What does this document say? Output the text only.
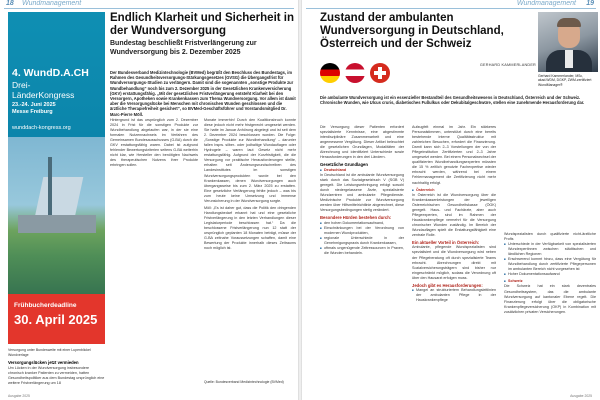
18 Wundmanagement
4. WundD.A.CH
Drei-
LänderKongress
23.-24. Juni 2025
Messe Freiburg
wunddach-kongress.org
Frühbucherdeadline
30. April 2025
Versorgung unter Bundesweite mit einer Lupenblickel Wundverlage
Versorgungslücken jetzt vermieden
Um Lücken in der Wundversorgung insbesondere chronisch kranker Patienten zu vermeiden, hatten Gesundheitspolitiker aus dem Bundestag ursprünglich eine weitere Fristverlängerung um 18
Endlich Klarheit und Sicherheit in der Wundversorgung
Bundestag beschließt Fristverlängerung zur Wundversorgung bis 2. Dezember 2025

Der Bundesverband Medizintechnologie (BVMed) begrüßt den Beschluss des Bundestags, im Rahmen des Gesundheitsversorgungs-Stärkungsgesetzes (GVSG) die Übergangsfrist für Wundversorgungs-Studien zu verlängern. Damit sind die sogenannten „sonstige Produkte zur Wundbehandlung“ noch bis zum 2. Dezember 2025 in der Gesetzlichen Krankenversicherung (GKV) erstattungsfähig. „Mit der gesetzlichen Fristverlängerung entsteht Klarheit bei den Versorgern, Apotheken sowie Krankenkassen zum Thema Wundversorgung. Vor allem ist damit aber die Versorgungslücke bei Menschen mit chronischen Wunden geschlossen und die ärztliche Therapiefreiheit gesichert“, so BVMed-Geschäftsführer und Vorstandsmitglied Dr. Marc-Pierre Möll.

Hintergrund ist das ursprünglich zum 2. Dezember 2024 in Frist für die sonstigen Produkte zur Wundbehandlung abgelaufen war, in der sie eine formalen Nutzennachweis im Verfahren des Gemeinsamen Bundesausschusses (G-BA) durch die GKV erstattungsfähig waren. Dabei ist aufgrund fehlender Bewertungskriterien seitens G-BA weiterhin nicht klar, wie Hersteller den benötigten Nachweis des therapeutischen Nutzens ihrer Produkte erbringen sollen.
Monate immerhin! Durch den Koalitionsbruch konnte diese jedoch nicht mehr fristgerecht umgesetzt werden. Sie hatte im Januar Anhörung abgelegt und ist seit dem 2. Dezember 2024 beschlossen worden. Die Folge: „Sonstige Produkte zur Wundbehandlung“ – darunter fallen bspw. silber- oder jodhaltige Wundauflagen oder Hydrogele – waren laut Gesetz nicht mehr erstattungsfähig. Aufgrund der Kurzfristigkeit, die die Versorgung vor praktische Herausforderungen stellte, erhalten seit Änderungsrundschreiben des Landesinstitutes im sonstigen Wundversorgungsprodukten wurde bei den Krankenkassen, denen Wundversorgungen auch übergangsweise bis zum 2. März 2025 zu erstatten. Eine gesetzliche Verlängerung fehlte jedoch – was bis zum heute keine Umsetzung und immense Verunsicherung in der Wundversorgung sorgte.
Möll: „Es ist daher gut, dass die Politik den dringenden Handlungsbedarf erkannt hat und eine gesetzliche Fristverlängerung in den letzten Verhandlungen dieser Legislaturperiode beschlossen hat.“ Da die beschlossene Fristverlängerung nun 12 statt der ursprünglich geplanten 18 Monaten beträgt, müsse der G-BA zeitnahe Voraussetzungen schaffen, damit eine Bewertung der Produkte innerhalb dieses Zeitraums noch möglich ist.
Quelle: Bundesverband Medizintechnologie (BVMed)
Ausgabe 2025
Wundmanagement 19
Zustand der ambulanten Wundversorgung in Deutschland, Österreich und der Schweiz
Gerhard Kammerlander, MSc, akad.WDM, DGKP, ZWM-zertifiziert WundManager®
GERHARD KAMMERLANDER

Die ambulante Wundversorgung ist ein essenzieller Bestandteil des Gesundheitswesens in Deutschland, Österreich und der Schweiz. Chronische Wunden, wie Ulcus cruris, diabetisches Fußulkus oder Dekubitalgeschwüre, stellen eine zunehmende Herausforderung dar.

Die Versorgung dieser Patienten erfordert spezialisierte Kenntnisse, eine abgestimmte interdisziplinäre Zusammenarbeit und eine angemessene Vergütung. Dieser Artikel beleuchtet die gesetzlichen Grundlagen, Modalitäten der Abrechnung und identifiziert Unterschiede sowie Herausforderungen in den drei Ländern.
Gesetzliche Grundlagen
■ Deutschland
In Deutschland ist die ambulante Wundversorgung stark durch das Sozialgesetzbuch V (SGB V) geregelt. Die Leistungserbringung erfolgt sowohl durch niedergelassene Ärzte, spezialisierte Wundzentren und ambulante Pflegedienste. Medizinische Produkte zur Wundversorgung werden über Hilfsmittelrichtlinie abgerechnet, diese Versorgungsbedingungen stetig verändert.
Besondere Hürden bestehen durch:
■ den hohen Dokumentationsaufwand,
■ Einschränkungen bei der Verordnung von modernen Wundprodukten,
■ regionale Unterschiede in der Genehmigungspraxis durch Krankenkassen,
■ oftmals ungenügende Zeitressourcen in Praxen, die Wunden behandeln.
Aufzugfelt einmal im Jahr. Ein stärkeres Personalstimmen, unterstützt durch eine bereits bestehende interne Qualitätsstruktur mit zahlreichen Besuchen, erfordert die Finanzierung. Damit kann sich 2–3 Vorstellungen der von der Pflegeinstitution Zertifizierten und 2–3 Jahre umgesetzt werden. Bei einem Personalwechsel der qualifizierten Wundbehandlungsexperten müssten die 15 % zeitlich genutzte Fachexpertise wieder erbracht werden, während bei einem Fehlermanagement die Zertifizierung nicht mehr nachhaltig erfolgt.
■ Österreich
In Österreich ist die Wundversorgung über die Krankenkassenleistungen der jeweiligen Österreichischen Gesundheitskasse (ÖGK) geregelt. Haus- und Fachärzte, aber auch Pflegeexperten, sind im Rahmen der Hauskrankenpflege vermehrt für die Versorgung chronischer Wunden zuständig. Im Bereich der Wundauflagen spielt die Erstattungsfähigkeit eine zentrale Rolle.
Ein aktueller Vorteil in Österreich:
Ambulante, pflegende Wundspezialisten sind spezialisiert und die Wundversorgung wird neben der Pflegeberatung oft durch spezialisierte Teams erbracht. Abrechnungen direkt mit Sozialversicherungsträgern sind bisher nur eingeschränkt möglich, sodass die Verordnung oft über den Hausarzt erfolgen muss.
Jedoch gibt es Herausforderungen:
■ Mangel an strukturiertem Behandlungsleitlinien der ambulanten Pflege in der Hauskrankenpflege
Wundspezialisten durch qualifizierte nicht-ärztliche Profis
■ Unterschiede in der Verfügbarkeit von spezialisierten Wundexpertinnen zwischen städtischen und ländlichen Regionen
■ Erschwerend kommt hinzu, dass eine Vergütung für Wundbehandlung durch zertifizierte Pflegepersonen im ambulanten Bereich nicht vorgesehen ist
■ Hoher Dokumentationsaufwand
■ Schweiz
Die Schweiz hat ein stark dezentrales Gesundheitssystem, das die ambulante Wundversorgung auf kantonaler Ebene regelt. Die Finanzierung erfolgt über die obligatorische Krankenpflegeversicherung (OKP) in Kombination mit zusätzlichen privaten Versicherungen.
Ausgabe 2025
